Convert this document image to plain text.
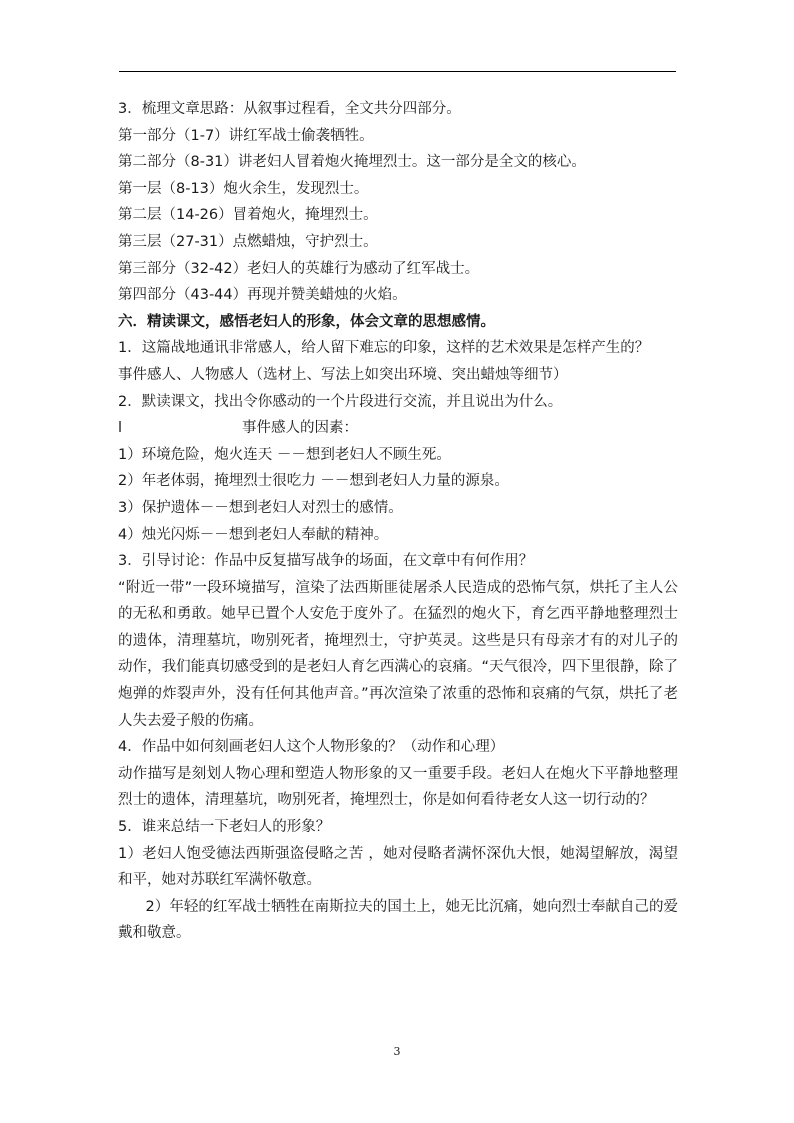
3．梳理文章思路：从叙事过程看，全文共分四部分。
第一部分（1-7）讲红军战士偷袭牺牲。
第二部分（8-31）讲老妇人冒着炮火掩埋烈士。这一部分是全文的核心。
第一层（8-13）炮火余生，发现烈士。
第二层（14-26）冒着炮火，掩埋烈士。
第三层（27-31）点燃蜡烛，守护烈士。
第三部分（32-42）老妇人的英雄行为感动了红军战士。
第四部分（43-44）再现并赞美蜡烛的火焰。
六．精读课文，感悟老妇人的形象，体会文章的思想感情。
1．这篇战地通讯非常感人，给人留下难忘的印象，这样的艺术效果是怎样产生的？
事件感人、人物感人（选材上、写法上如突出环境、突出蜡烛等细节）
2．默读课文，找出令你感动的一个片段进行交流，并且说出为什么。
l	事件感人的因素：
1）环境危险，炮火连天 －－想到老妇人不顾生死。
2）年老体弱，掩埋烈士很吃力 －－想到老妇人力量的源泉。
3）保护遗体－－想到老妇人对烈士的感情。
4）烛光闪烁－－想到老妇人奉献的精神。
3．引导讨论：作品中反复描写战争的场面，在文章中有何作用？
“附近一带”一段环境描写，渲染了法西斯匪徒屠杀人民造成的恐怖气氛，烘托了主人公的无私和勇敢。她早已置个人安危于度外了。在猛烈的炮火下，育乞西平静地整理烈士的遗体，清理墓坑，吻别死者，掩埋烈士，守护英灵。这些是只有母亲才有的对儿子的动作，我们能真切感受到的是老妇人育乞西满心的哀痛。“天气很冷，四下里很静，除了炮弹的炸裂声外，没有任何其他声音。”再次渲染了浓重的恐怖和哀痛的气氛，烘托了老人失去爱子般的伤痛。
4．作品中如何刻画老妇人这个人物形象的？（动作和心理）
动作描写是刻划人物心理和塑造人物形象的又一重要手段。老妇人在炮火下平静地整理烈士的遗体，清理墓坑，吻别死者，掩埋烈士，你是如何看待老女人这一切行动的？
5．谁来总结一下老妇人的形象？
1）老妇人饱受德法西斯强盗侵略之苦 ，她对侵略者满怀深仇大恨，她渴望解放，渴望和平，她对苏联红军满怀敬意。
2）年轻的红军战士牺牲在南斯拉夫的国土上，她无比沉痛，她向烈士奉献自己的爱戴和敬意。
3
